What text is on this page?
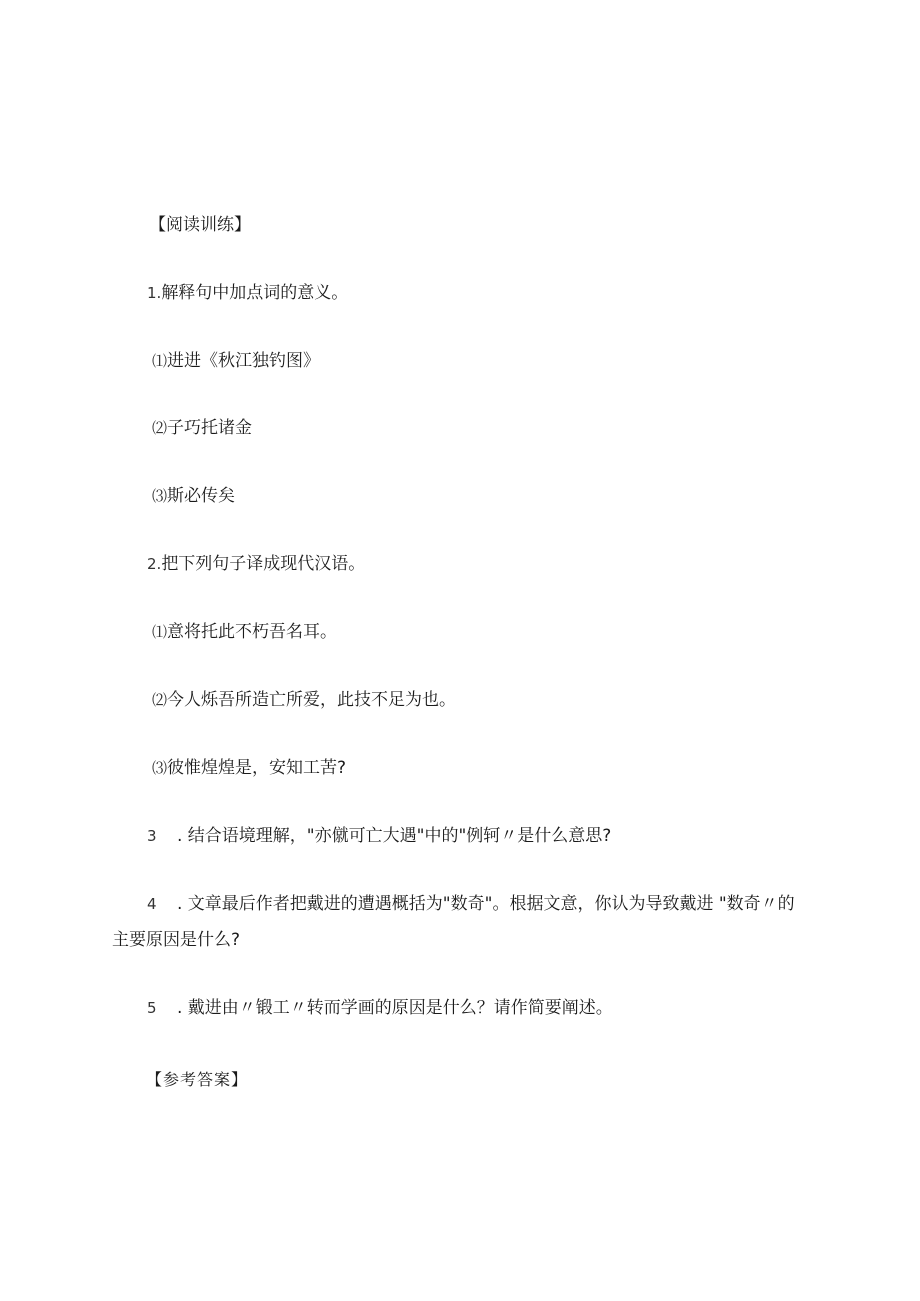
【阅读训练】
1.解释句中加点词的意义。
⑴进进《秋江独钓图》
⑵子巧托诸金
⑶斯必传矣
2.把下列句子译成现代汉语。
⑴意将托此不朽吾名耳。
⑵今人烁吾所造亡所爱，此技不足为也。
⑶彼惟煌煌是，安知工苦?
3 . 结合语境理解，"亦僦可亡大遇"中的"例轲〃是什么意思?
4 . 文章最后作者把戴进的遭遇概括为"数奇"。根据文意，你认为导致戴进 "数奇〃的
主要原因是什么?
5 . 戴进由〃锻工〃转而学画的原因是什么？请作简要阐述。
【参考答案】
